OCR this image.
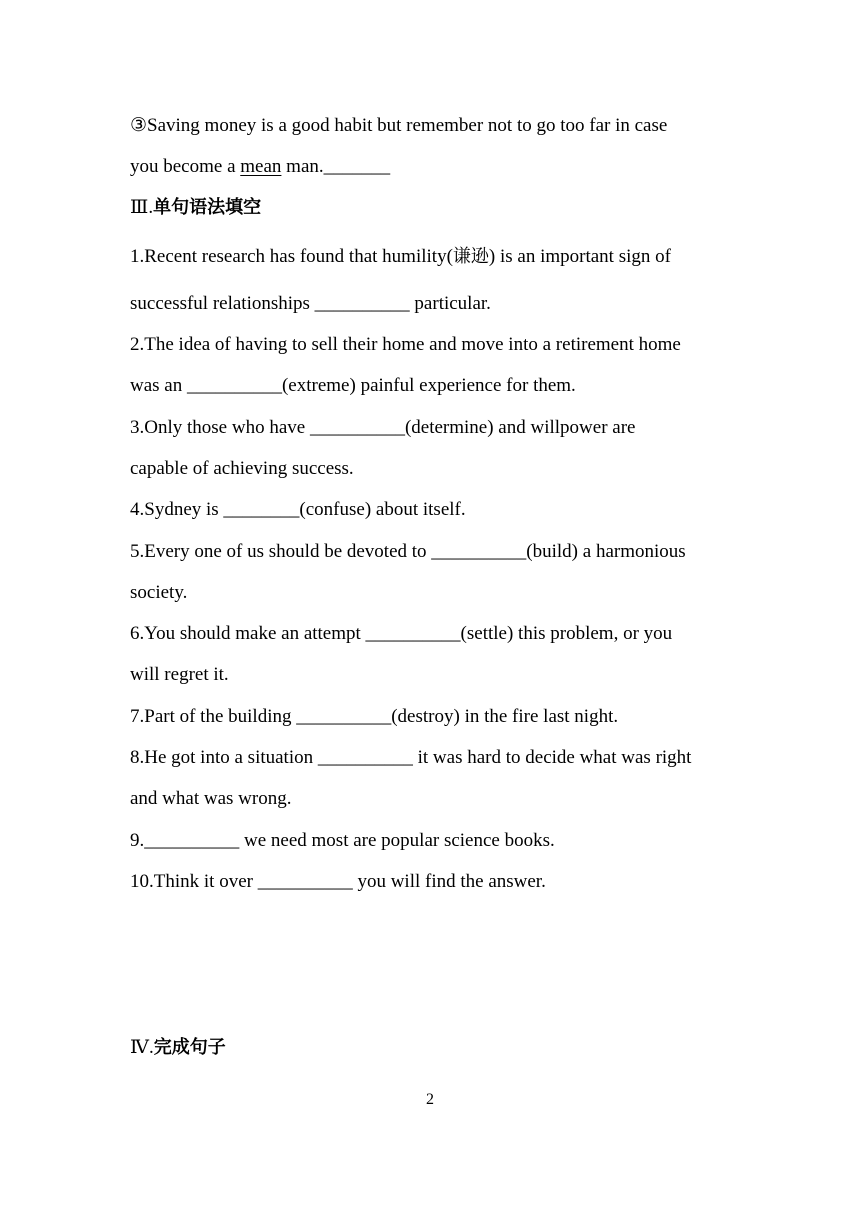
③Saving money is a good habit but remember not to go too far in case
you become a mean man._______
Ⅲ.单句语法填空
1.Recent research has found that humility(谦逊) is an important sign of
successful relationships __________ particular.
2.The idea of having to sell their home and move into a retirement home
was an __________(extreme) painful experience for them.
3.Only those who have __________(determine) and willpower are
capable of achieving success.
4.Sydney is ________(confuse) about itself.
5.Every one of us should be devoted to __________(build) a harmonious
society.
6.You should make an attempt __________(settle) this problem, or you
will regret it.
7.Part of the building __________(destroy) in the fire last night.
8.He got into a situation __________ it was hard to decide what was right
and what was wrong.
9.__________ we need most are popular science books.
10.Think it over __________ you will find the answer.
Ⅳ.完成句子
2
